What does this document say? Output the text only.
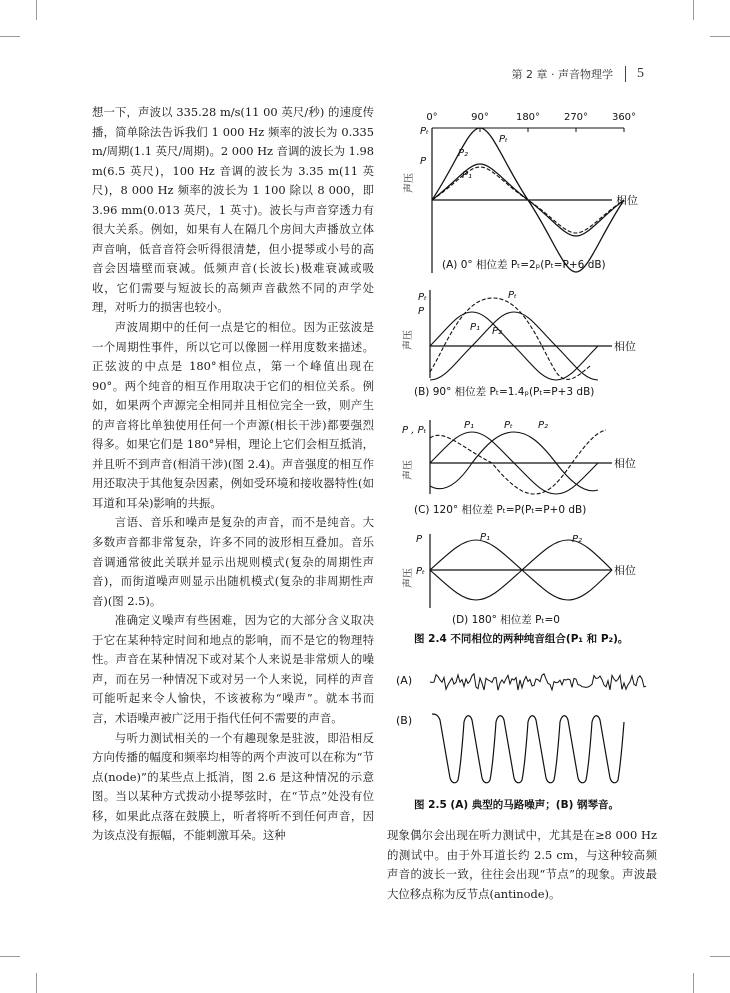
第 2 章 · 声音物理学 5

想一下，声波以 335.28 m/s(11 00 英尺/秒) 的速度传播，简单除法告诉我们 1 000 Hz 频率的波长为 0.335 m/周期(1.1 英尺/周期)。2 000 Hz 音调的波长为 1.98 m(6.5 英尺)，100 Hz 音调的波长为 3.35 m(11 英尺)，8 000 Hz 频率的波长为 1 100 除以 8 000，即 3.96 mm(0.013 英尺，1 英寸)。波长与声音穿透力有很大关系。例如，如果有人在隔几个房间大声播放立体声音响，低音音符会听得很清楚，但小提琴或小号的高音会因墙壁而衰减。低频声音(长波长)极难衰减或吸收，它们需要与短波长的高频声音截然不同的声学处理，对听力的损害也较小。

声波周期中的任何一点是它的相位。因为正弦波是一个周期性事件，所以它可以像圆一样用度数来描述。正弦波的中点是 180°相位点，第一个峰值出现在 90°。两个纯音的相互作用取决于它们的相位关系。例如，如果两个声源完全相同并且相位完全一致，则产生的声音将比单独使用任何一个声源(相长干涉)都要强烈得多。如果它们是 180°异相，理论上它们会相互抵消，并且听不到声音(相消干涉)(图 2.4)。声音强度的相互作用还取决于其他复杂因素，例如受环境和接收器特性(如耳道和耳朵)影响的共振。

言语、音乐和噪声是复杂的声音，而不是纯音。大多数声音都非常复杂，许多不同的波形相互叠加。音乐音调通常彼此关联并显示出规则模式(复杂的周期性声音)，而街道噪声则显示出随机模式(复杂的非周期性声音)(图 2.5)。

准确定义噪声有些困难，因为它的大部分含义取决于它在某种特定时间和地点的影响，而不是它的物理特性。声音在某种情况下或对某个人来说是非常烦人的噪声，而在另一种情况下或对另一个人来说，同样的声音可能听起来令人愉快，不该被称为“噪声”。就本书而言，术语噪声被广泛用于指代任何不需要的声音。

与听力测试相关的一个有趣现象是驻波，即沿相反方向传播的幅度和频率均相等的两个声波可以在称为“节点(node)”的某些点上抵消，图 2.6 是这种情况的示意图。当以某种方式拨动小提琴弦时，在“节点”处没有位移，如果此点落在鼓膜上，听者将听不到任何声音，因为该点没有振幅，不能刺激耳朵。这种	现象偶尔会出现在听力测试中，尤其是在≥8 000 Hz 的测试中。由于外耳道长约 2.5 cm，与这种较高频声音的波长一致，往往会出现“节点”的现象。声波最大位移点称为反节点(antinode)。

0°	90°	180° 270° 360°
相位
声压
Pₜ
Pₜ
P₂
P
P₁
(A) 0° 相位差 Pₜ=2ₚ(Pₜ=P+6 dB)
相位
声压
Pₜ
P
Pₜ
P₁ P₂
(B) 90° 相位差 Pₜ=1.4ₚ(Pₜ=P+3 dB)
相位
声压
P , Pₜ	P₁	Pₜ	P₂
(C) 120° 相位差 Pₜ=P(Pₜ=P+0 dB)
相位
声压
P
Pₜ
P₁	P₂
(D) 180° 相位差 Pₜ=0
图 2.4 不同相位的两种纯音组合(P₁ 和 P₂)。
(A)
(B)
图 2.5 (A) 典型的马路噪声；(B) 钢琴音。
